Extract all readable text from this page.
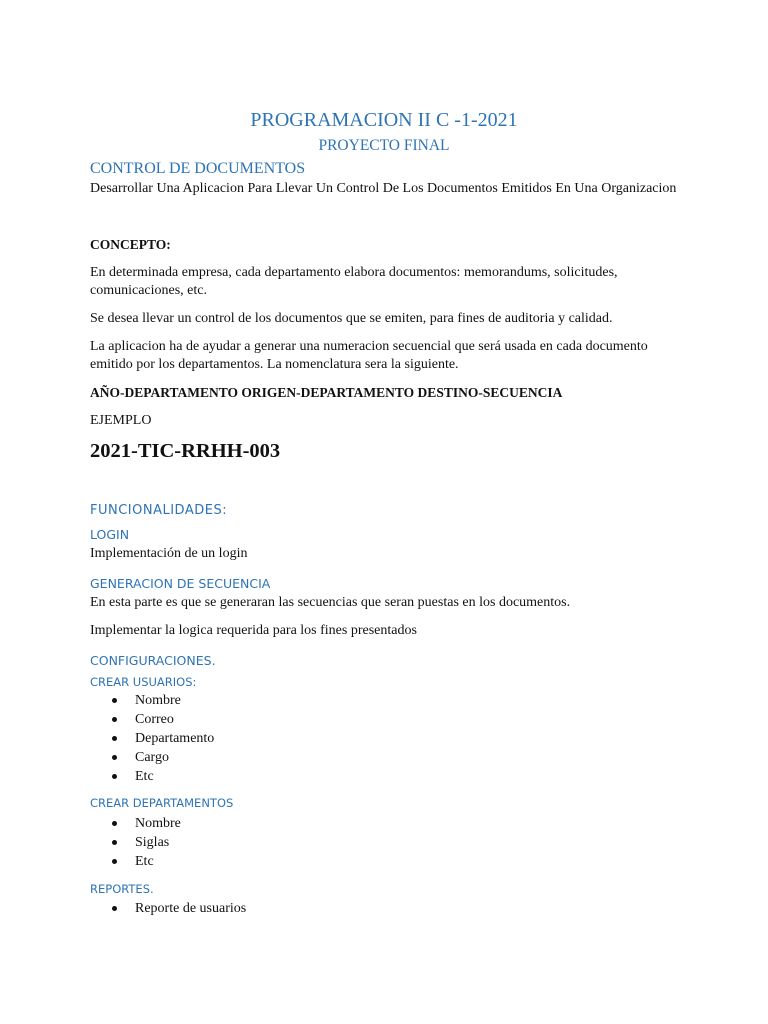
PROGRAMACION II C -1-2021
PROYECTO FINAL
CONTROL DE DOCUMENTOS
Desarrollar Una Aplicacion Para Llevar Un Control De Los Documentos Emitidos En Una Organizacion
CONCEPTO:
En determinada empresa, cada departamento elabora documentos: memorandums, solicitudes,
comunicaciones, etc.
Se desea llevar un control de los documentos que se emiten, para fines de auditoria y calidad.
La aplicacion ha de ayudar a generar una numeracion secuencial que será usada en cada documento
emitido por los departamentos. La nomenclatura sera la siguiente.
AÑO-DEPARTAMENTO ORIGEN-DEPARTAMENTO DESTINO-SECUENCIA
EJEMPLO
2021-TIC-RRHH-003
FUNCIONALIDADES:
LOGIN
Implementación de un login
GENERACION DE SECUENCIA
En esta parte es que se generaran las secuencias que seran puestas en los documentos.
Implementar la logica requerida para los fines presentados
CONFIGURACIONES.
CREAR USUARIOS:
Nombre
Correo
Departamento
Cargo
Etc
CREAR DEPARTAMENTOS
Nombre
Siglas
Etc
REPORTES.
Reporte de usuarios
